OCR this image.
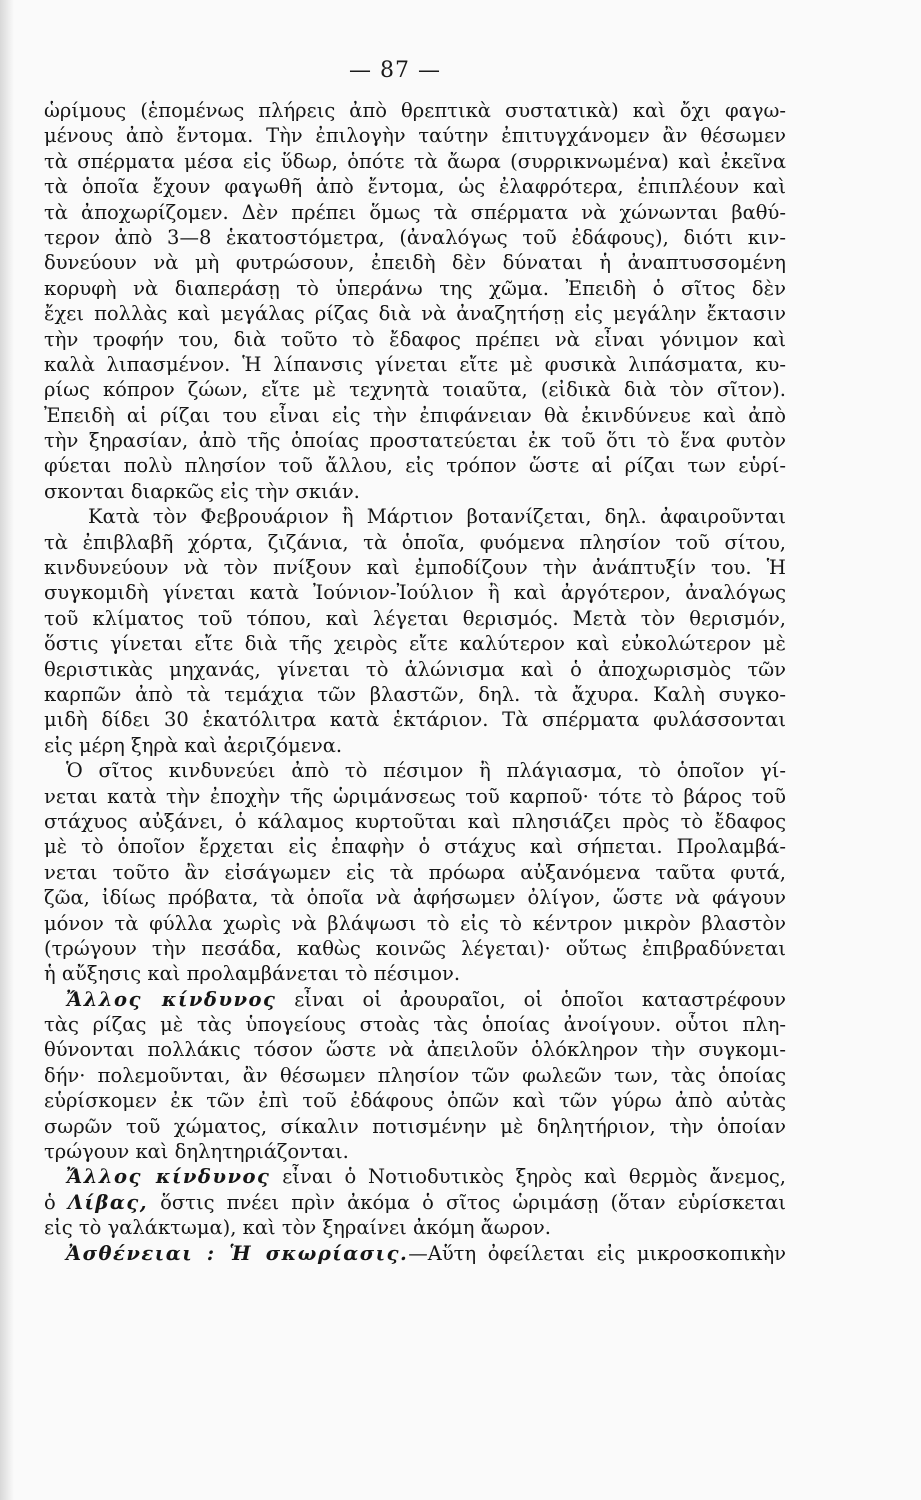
— 87 —
ὡρίμους (ἑπομένως πλήρεις ἀπὸ θρεπτικὰ συστατικὰ) καὶ ὄχι φαγω-
μένους ἀπὸ ἔντομα. Τὴν ἐπιλογὴν ταύτην ἐπιτυγχάνομεν ἂν θέσωμεν
τὰ σπέρματα μέσα εἰς ὕδωρ, ὁπότε τὰ ἄωρα (συρρικνωμένα) καὶ ἐκεῖνα
τὰ ὁποῖα ἔχουν φαγωθῆ ἀπὸ ἔντομα, ὡς ἐλαφρότερα, ἐπιπλέουν καὶ
τὰ ἀποχωρίζομεν. Δὲν πρέπει ὅμως τὰ σπέρματα νὰ χώνωνται βαθύ-
τερον ἀπὸ 3—8 ἑκατοστόμετρα, (ἀναλόγως τοῦ ἐδάφους), διότι κιν-
δυνεύουν νὰ μὴ φυτρώσουν, ἐπειδὴ δὲν δύναται ἡ ἀναπτυσσομένη
κορυφὴ νὰ διαπεράσῃ τὸ ὑπεράνω της χῶμα. Ἐπειδὴ ὁ σῖτος δὲν
ἔχει πολλὰς καὶ μεγάλας ρίζας διὰ νὰ ἀναζητήσῃ εἰς μεγάλην ἔκτασιν
τὴν τροφήν του, διὰ τοῦτο τὸ ἔδαφος πρέπει νὰ εἶναι γόνιμον καὶ
καλὰ λιπασμένον. Ἡ λίπανσις γίνεται εἴτε μὲ φυσικὰ λιπάσματα, κυ-
ρίως κόπρον ζώων, εἴτε μὲ τεχνητὰ τοιαῦτα, (εἰδικὰ διὰ τὸν σῖτον).
Ἐπειδὴ αἱ ρίζαι του εἶναι εἰς τὴν ἐπιφάνειαν θὰ ἐκινδύνευε καὶ ἀπὸ
τὴν ξηρασίαν, ἀπὸ τῆς ὁποίας προστατεύεται ἐκ τοῦ ὅτι τὸ ἕνα φυτὸν
φύεται πολὺ πλησίον τοῦ ἄλλου, εἰς τρόπον ὥστε αἱ ρίζαι των εὑρί-
σκονται διαρκῶς εἰς τὴν σκιάν.
Κατὰ τὸν Φεβρουάριον ἢ Μάρτιον βοτανίζεται, δηλ. ἀφαιροῦνται
τὰ ἐπιβλαβῆ χόρτα, ζιζάνια, τὰ ὁποῖα, φυόμενα πλησίον τοῦ σίτου,
κινδυνεύουν νὰ τὸν πνίξουν καὶ ἐμποδίζουν τὴν ἀνάπτυξίν του. Ἡ
συγκομιδὴ γίνεται κατὰ Ἰούνιον-Ἰούλιον ἢ καὶ ἀργότερον, ἀναλόγως
τοῦ κλίματος τοῦ τόπου, καὶ λέγεται θερισμός. Μετὰ τὸν θερισμόν,
ὅστις γίνεται εἴτε διὰ τῆς χειρὸς εἴτε καλύτερον καὶ εὐκολώτερον μὲ
θεριστικὰς μηχανάς, γίνεται τὸ ἁλώνισμα καὶ ὁ ἀποχωρισμὸς τῶν
καρπῶν ἀπὸ τὰ τεμάχια τῶν βλαστῶν, δηλ. τὰ ἄχυρα. Καλὴ συγκο-
μιδὴ δίδει 30 ἑκατόλιτρα κατὰ ἑκτάριον. Τὰ σπέρματα φυλάσσονται
εἰς μέρη ξηρὰ καὶ ἀεριζόμενα.
Ὁ σῖτος κινδυνεύει ἀπὸ τὸ πέσιμον ἢ πλάγιασμα, τὸ ὁποῖον γί-
νεται κατὰ τὴν ἐποχὴν τῆς ὡριμάνσεως τοῦ καρποῦ· τότε τὸ βάρος τοῦ
στάχυος αὐξάνει, ὁ κάλαμος κυρτοῦται καὶ πλησιάζει πρὸς τὸ ἔδαφος
μὲ τὸ ὁποῖον ἔρχεται εἰς ἐπαφὴν ὁ στάχυς καὶ σήπεται. Προλαμβά-
νεται τοῦτο ἂν εἰσάγωμεν εἰς τὰ πρόωρα αὐξανόμενα ταῦτα φυτά,
ζῶα, ἰδίως πρόβατα, τὰ ὁποῖα νὰ ἀφήσωμεν ὀλίγον, ὥστε νὰ φάγουν
μόνον τὰ φύλλα χωρὶς νὰ βλάψωσι τὸ εἰς τὸ κέντρον μικρὸν βλαστὸν
(τρώγουν τὴν πεσάδα, καθὼς κοινῶς λέγεται)· οὕτως ἐπιβραδύνεται
ἡ αὔξησις καὶ προλαμβάνεται τὸ πέσιμον.
Ἄλλος κίνδυνος εἶναι οἱ ἀρουραῖοι, οἱ ὁποῖοι καταστρέφουν
τὰς ρίζας μὲ τὰς ὑπογείους στοὰς τὰς ὁποίας ἀνοίγουν. οὗτοι πλη-
θύνονται πολλάκις τόσον ὥστε νὰ ἀπειλοῦν ὁλόκληρον τὴν συγκομι-
δήν· πολεμοῦνται, ἂν θέσωμεν πλησίον τῶν φωλεῶν των, τὰς ὁποίας
εὑρίσκομεν ἐκ τῶν ἐπὶ τοῦ ἐδάφους ὀπῶν καὶ τῶν γύρω ἀπὸ αὐτὰς
σωρῶν τοῦ χώματος, σίκαλιν ποτισμένην μὲ δηλητήριον, τὴν ὁποίαν
τρώγουν καὶ δηλητηριάζονται.
Ἄλλος κίνδυνος εἶναι ὁ Νοτιοδυτικὸς ξηρὸς καὶ θερμὸς ἄνεμος,
ὁ Λίβας, ὅστις πνέει πρὶν ἀκόμα ὁ σῖτος ὡριμάσῃ (ὅταν εὑρίσκεται
εἰς τὸ γαλάκτωμα), καὶ τὸν ξηραίνει ἀκόμη ἄωρον.
Ἀσθένειαι : Ἡ σκωρίασις.—Αὕτη ὀφείλεται εἰς μικροσκοπικὴν
